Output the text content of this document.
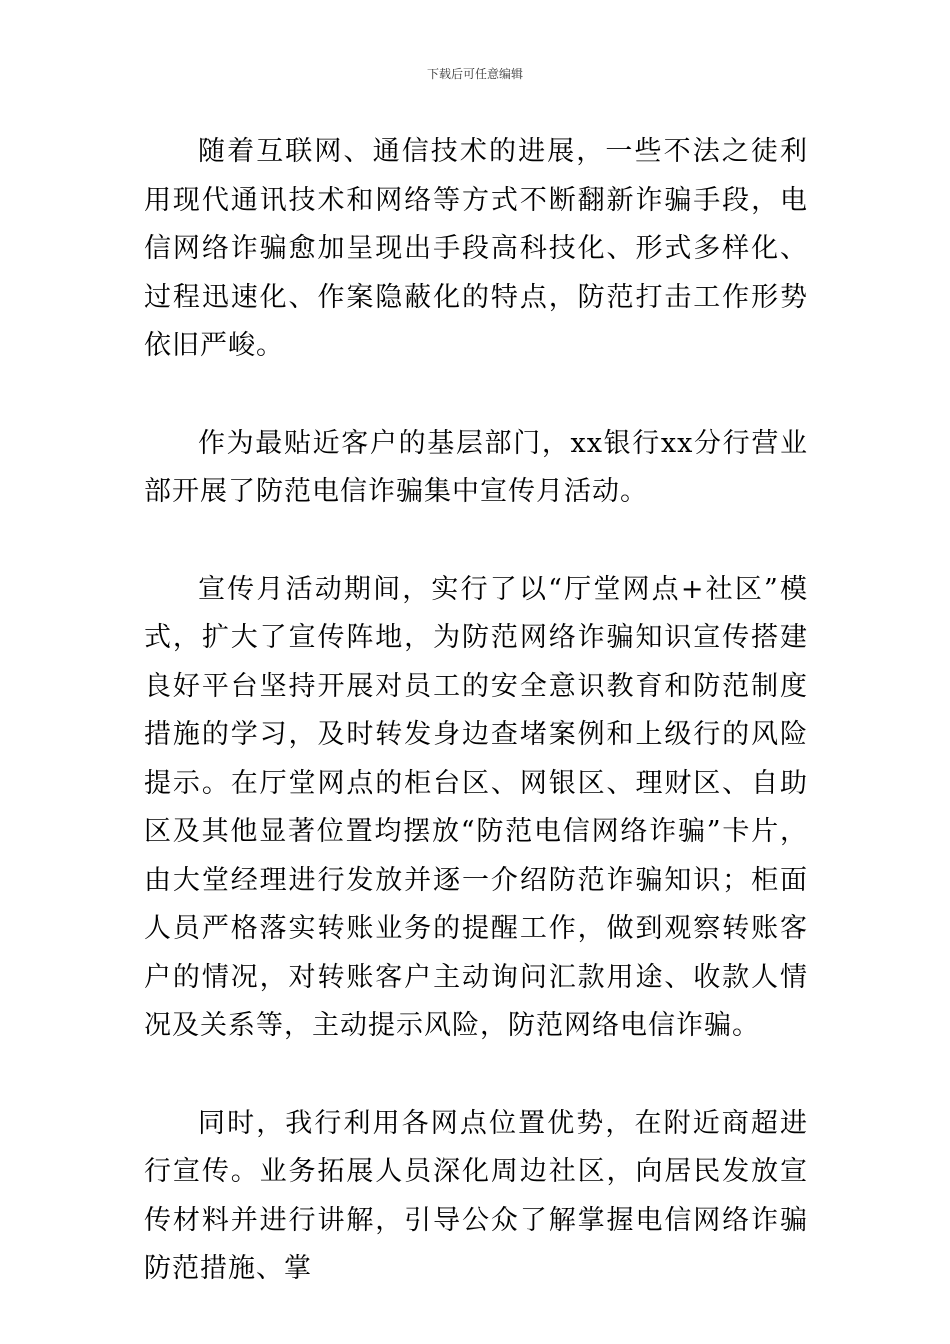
下载后可任意编辑

随着互联网、通信技术的进展，一些不法之徒利用现代通讯技术和网络等方式不断翻新诈骗手段，电信网络诈骗愈加呈现出手段高科技化、形式多样化、过程迅速化、作案隐蔽化的特点，防范打击工作形势依旧严峻。

作为最贴近客户的基层部门，xx银行xx分行营业部开展了防范电信诈骗集中宣传月活动。

宣传月活动期间，实行了以“厅堂网点+社区”模式，扩大了宣传阵地，为防范网络诈骗知识宣传搭建良好平台坚持开展对员工的安全意识教育和防范制度措施的学习，及时转发身边查堵案例和上级行的风险提示。在厅堂网点的柜台区、网银区、理财区、自助区及其他显著位置均摆放“防范电信网络诈骗”卡片，由大堂经理进行发放并逐一介绍防范诈骗知识；柜面人员严格落实转账业务的提醒工作，做到观察转账客户的情况，对转账客户主动询问汇款用途、收款人情况及关系等，主动提示风险，防范网络电信诈骗。

同时，我行利用各网点位置优势，在附近商超进行宣传。业务拓展人员深化周边社区，向居民发放宣传材料并进行讲解，引导公众了解掌握电信网络诈骗防范措施、掌
